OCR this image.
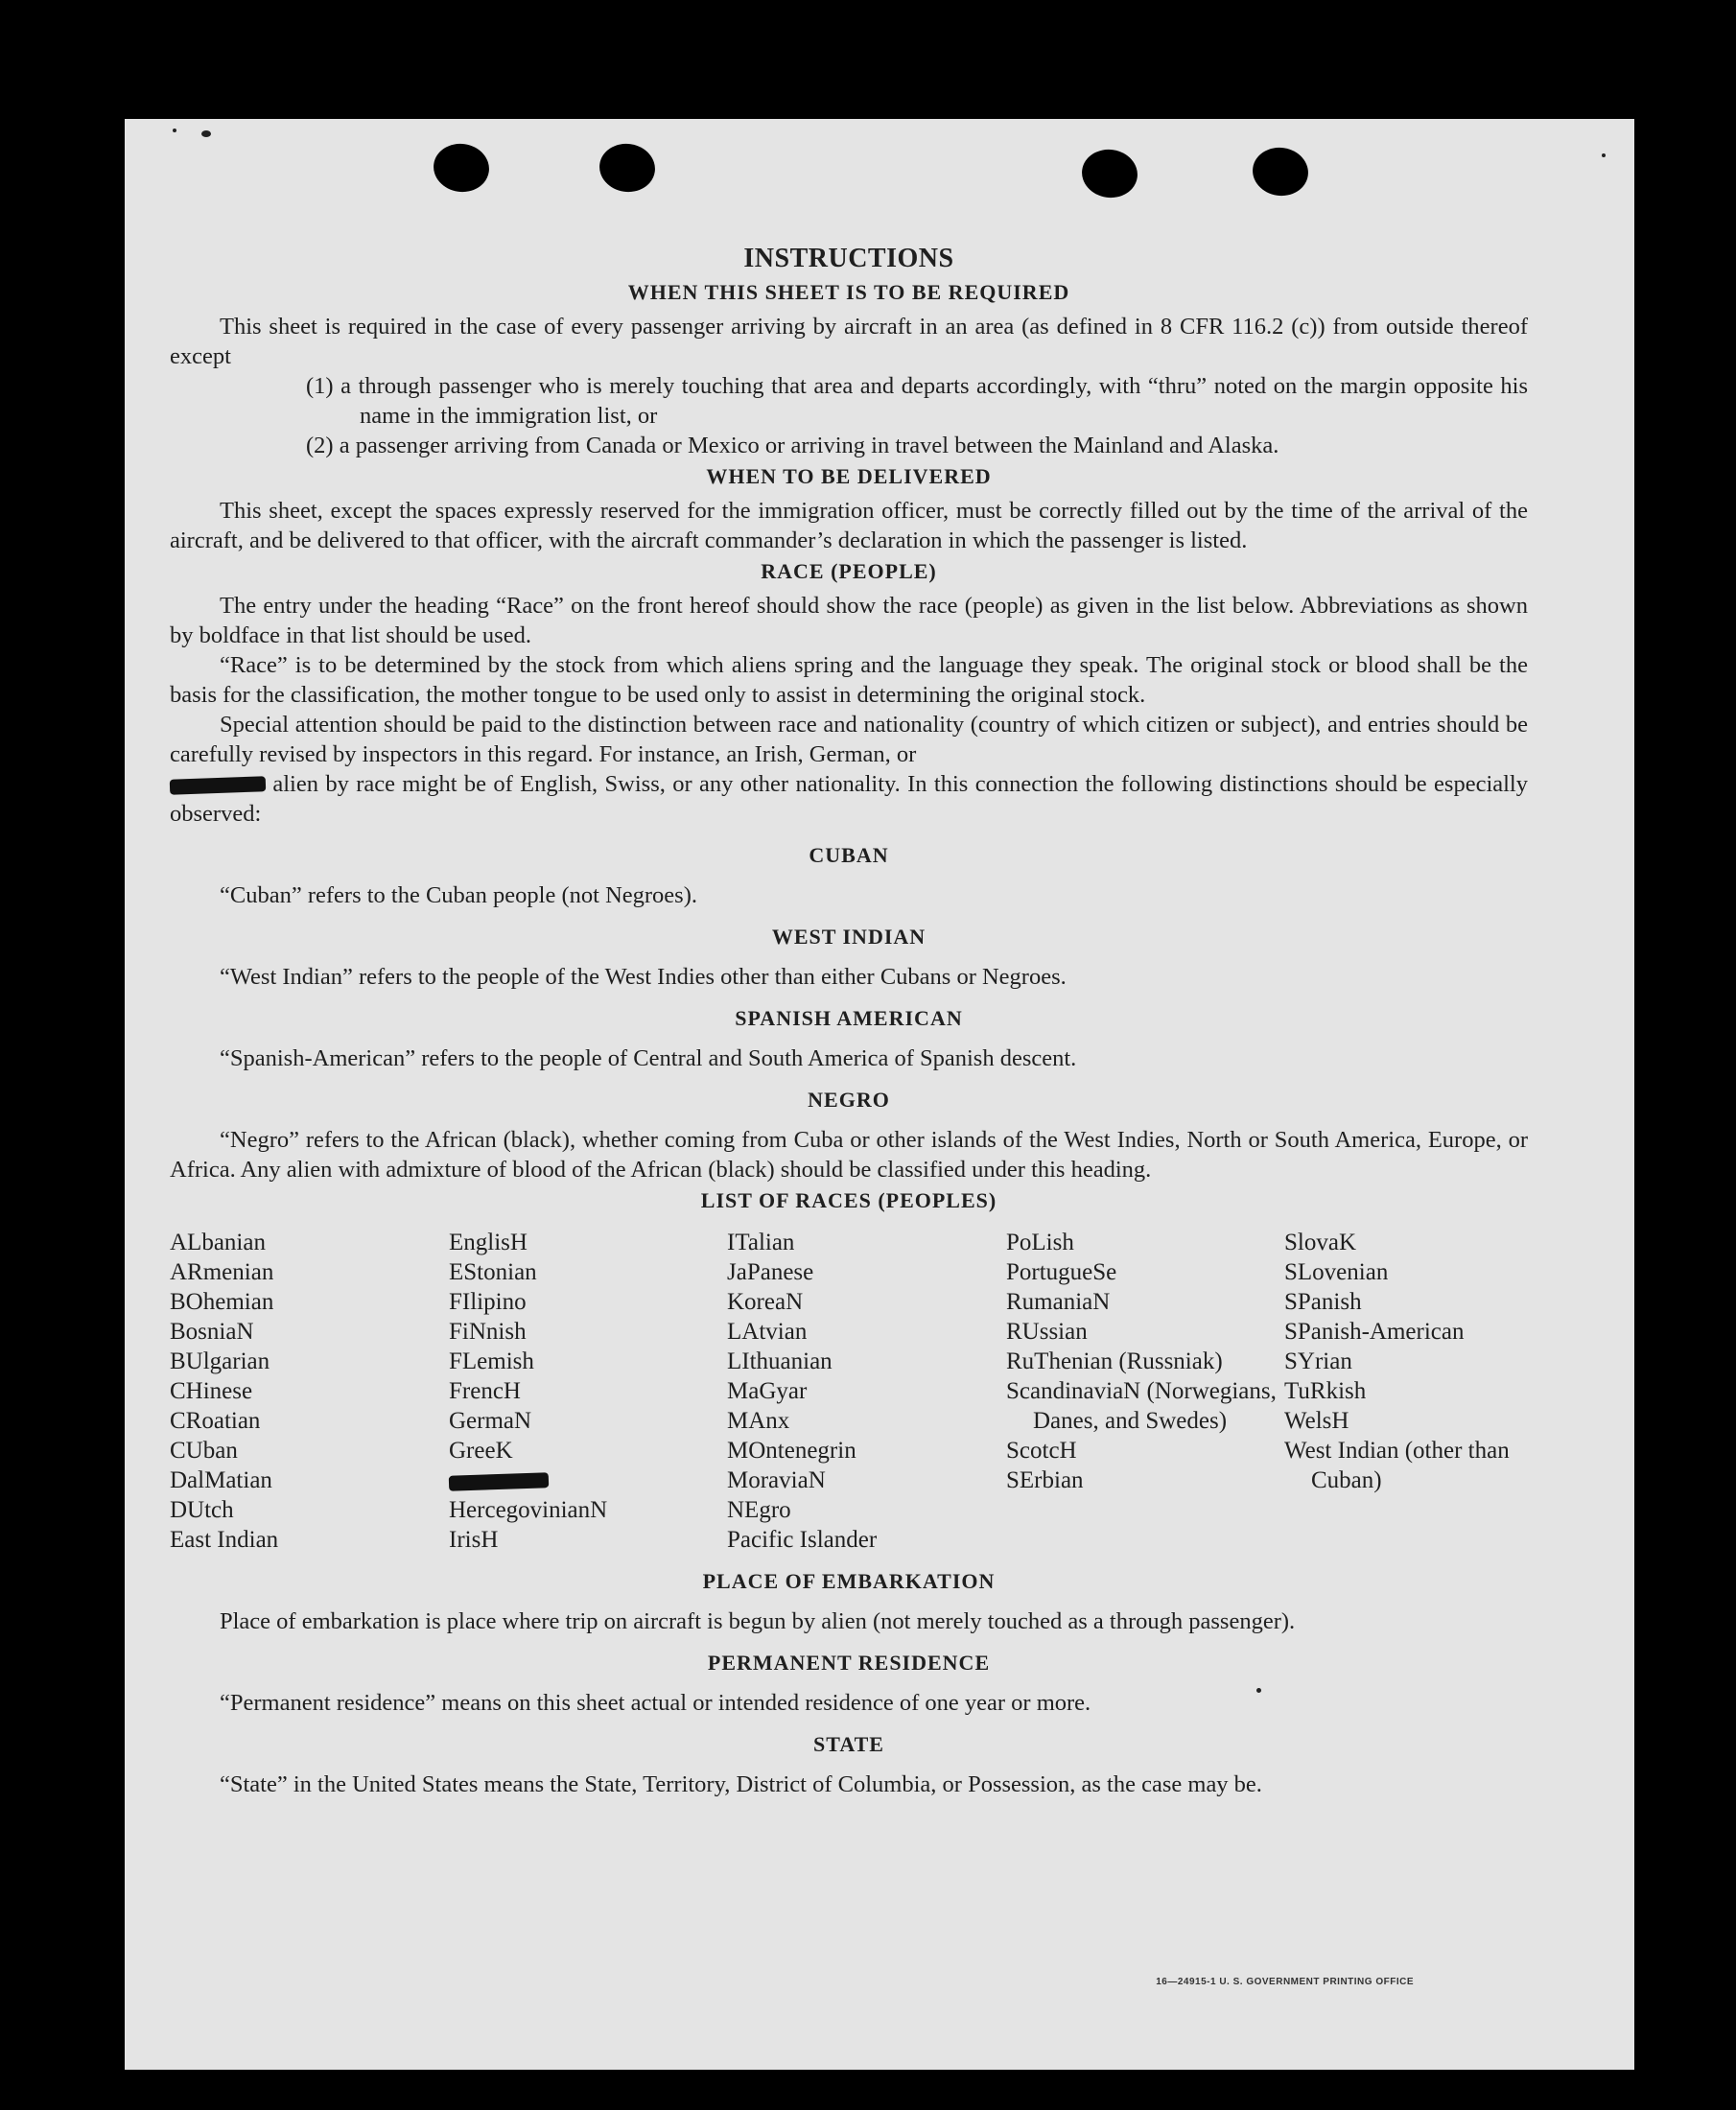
INSTRUCTIONS
WHEN THIS SHEET IS TO BE REQUIRED

This sheet is required in the case of every passenger arriving by aircraft in an area (as defined in 8 CFR 116.2 (c)) from outside thereof except

(1) a through passenger who is merely touching that area and departs accordingly, with “thru” noted on the margin opposite his name in the immigration list, or

(2) a passenger arriving from Canada or Mexico or arriving in travel between the Mainland and Alaska.

WHEN TO BE DELIVERED

This sheet, except the spaces expressly reserved for the immigration officer, must be correctly filled out by the time of the arrival of the aircraft, and be delivered to that officer, with the aircraft commander’s declaration in which the passenger is listed.

RACE (PEOPLE)

The entry under the heading “Race” on the front hereof should show the race (people) as given in the list below. Abbreviations as shown by boldface in that list should be used.

“Race” is to be determined by the stock from which aliens spring and the language they speak. The original stock or blood shall be the basis for the classification, the mother tongue to be used only to assist in determining the original stock.

Special attention should be paid to the distinction between race and nationality (country of which citizen or subject), and entries should be carefully revised by inspectors in this regard. For instance, an Irish, German, or
alien by race might be of English, Swiss, or any other nationality. In this connection the following distinctions should be especially observed:

CUBAN

“Cuban” refers to the Cuban people (not Negroes).

WEST INDIAN

“West Indian” refers to the people of the West Indies other than either Cubans or Negroes.

SPANISH AMERICAN

“Spanish-American” refers to the people of Central and South America of Spanish descent.

NEGRO

“Negro” refers to the African (black), whether coming from Cuba or other islands of the West Indies, North or South America, Europe, or Africa. Any alien with admixture of blood of the African (black) should be classified under this heading.

LIST OF RACES (PEOPLES)
ALbanian
ARmenian
BOhemian
BosniaN
BUlgarian
CHinese
CRoatian
CUban
DalMatian
DUtch
East Indian
EnglisH
EStonian
FIlipino
FiNnish
FLemish
FrencH
GermaN
GreeK
HercegovinianN
IrisH
ITalian
JaPanese
KoreaN
LAtvian
LIthuanian
MaGyar
MAnx
MOntenegrin
MoraviaN
NEgro
Pacific Islander
PoLish
PortugueSe
RumaniaN
RUssian
RuThenian (Russniak)
ScandinaviaN (Norwegians, Danes, and Swedes)
ScotcH
SErbian
SlovaK
SLovenian
SPanish
SPanish-American
SYrian
TuRkish
WelsH
West Indian (other than Cuban)
PLACE OF EMBARKATION

Place of embarkation is place where trip on aircraft is begun by alien (not merely touched as a through passenger).

PERMANENT RESIDENCE

“Permanent residence” means on this sheet actual or intended residence of one year or more.

STATE

“State” in the United States means the State, Territory, District of Columbia, or Possession, as the case may be.

16—24915-1 U. S. GOVERNMENT PRINTING OFFICE
